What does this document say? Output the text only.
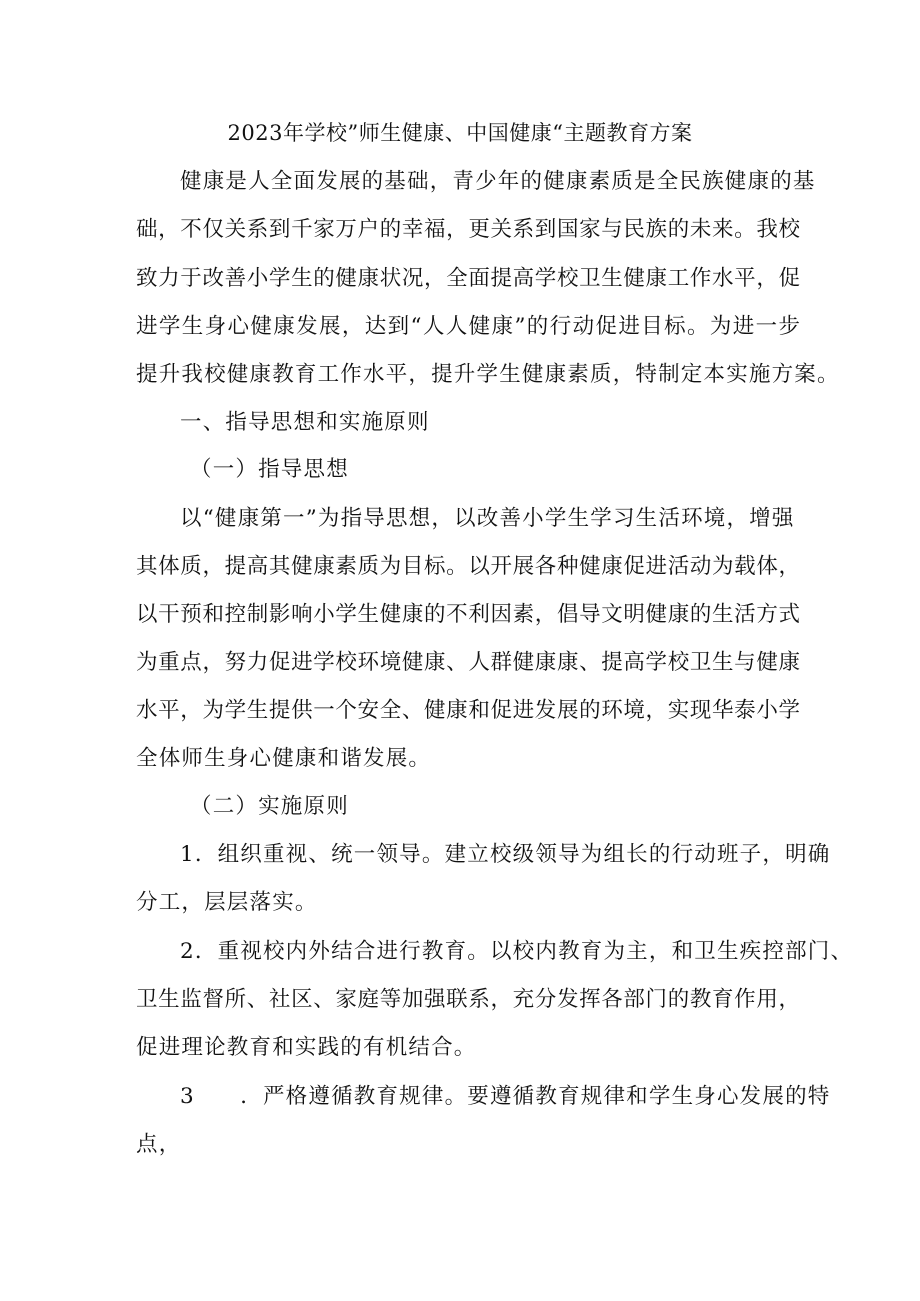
2023年学校”师生健康、中国健康“主题教育方案
健康是人全面发展的基础，青少年的健康素质是全民族健康的基
础，不仅关系到千家万户的幸福，更关系到国家与民族的未来。我校
致力于改善小学生的健康状况，全面提高学校卫生健康工作水平，促
进学生身心健康发展，达到“人人健康”的行动促进目标。为进一步
提升我校健康教育工作水平，提升学生健康素质，特制定本实施方案。
一、指导思想和实施原则
（一）指导思想
以“健康第一”为指导思想，以改善小学生学习生活环境，增强
其体质，提高其健康素质为目标。以开展各种健康促进活动为载体，
以干预和控制影响小学生健康的不利因素，倡导文明健康的生活方式
为重点，努力促进学校环境健康、人群健康康、提高学校卫生与健康
水平，为学生提供一个安全、健康和促进发展的环境，实现华泰小学
全体师生身心健康和谐发展。
（二）实施原则
1．组织重视、统一领导。建立校级领导为组长的行动班子，明确
分工，层层落实。
2．重视校内外结合进行教育。以校内教育为主，和卫生疾控部门、
卫生监督所、社区、家庭等加强联系，充分发挥各部门的教育作用，
促进理论教育和实践的有机结合。
3　　．严格遵循教育规律。要遵循教育规律和学生身心发展的特
点，
